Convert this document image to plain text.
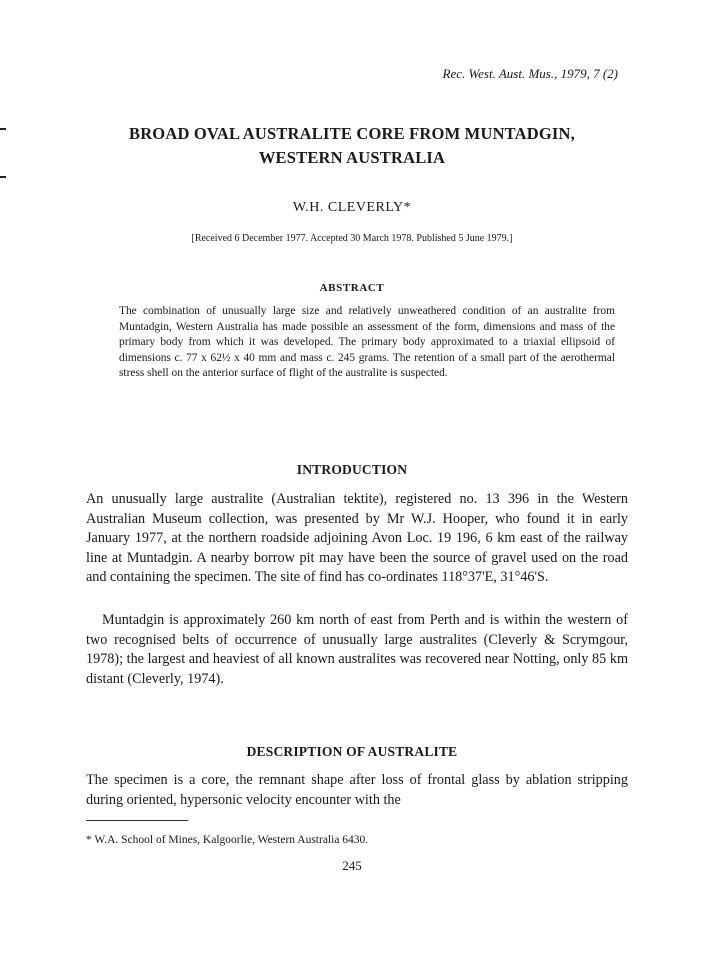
Rec. West. Aust. Mus., 1979, 7 (2)
BROAD OVAL AUSTRALITE CORE FROM MUNTADGIN,
WESTERN AUSTRALIA
W.H. CLEVERLY*
[Received 6 December 1977. Accepted 30 March 1978. Published 5 June 1979.]
ABSTRACT
The combination of unusually large size and relatively unweathered condition of an australite from Muntadgin, Western Australia has made possible an assessment of the form, dimensions and mass of the primary body from which it was developed. The primary body approximated to a triaxial ellipsoid of dimensions c. 77 x 62½ x 40 mm and mass c. 245 grams. The retention of a small part of the aerothermal stress shell on the anterior surface of flight of the australite is suspected.
INTRODUCTION
An unusually large australite (Australian tektite), registered no. 13 396 in the Western Australian Museum collection, was presented by Mr W.J. Hooper, who found it in early January 1977, at the northern roadside adjoining Avon Loc. 19 196, 6 km east of the railway line at Muntadgin. A nearby borrow pit may have been the source of gravel used on the road and containing the specimen. The site of find has co-ordinates 118°37'E, 31°46'S.
Muntadgin is approximately 260 km north of east from Perth and is within the western of two recognised belts of occurrence of unusually large australites (Cleverly & Scrymgour, 1978); the largest and heaviest of all known australites was recovered near Notting, only 85 km distant (Cleverly, 1974).
DESCRIPTION OF AUSTRALITE
The specimen is a core, the remnant shape after loss of frontal glass by ablation stripping during oriented, hypersonic velocity encounter with the
* W.A. School of Mines, Kalgoorlie, Western Australia 6430.
245
